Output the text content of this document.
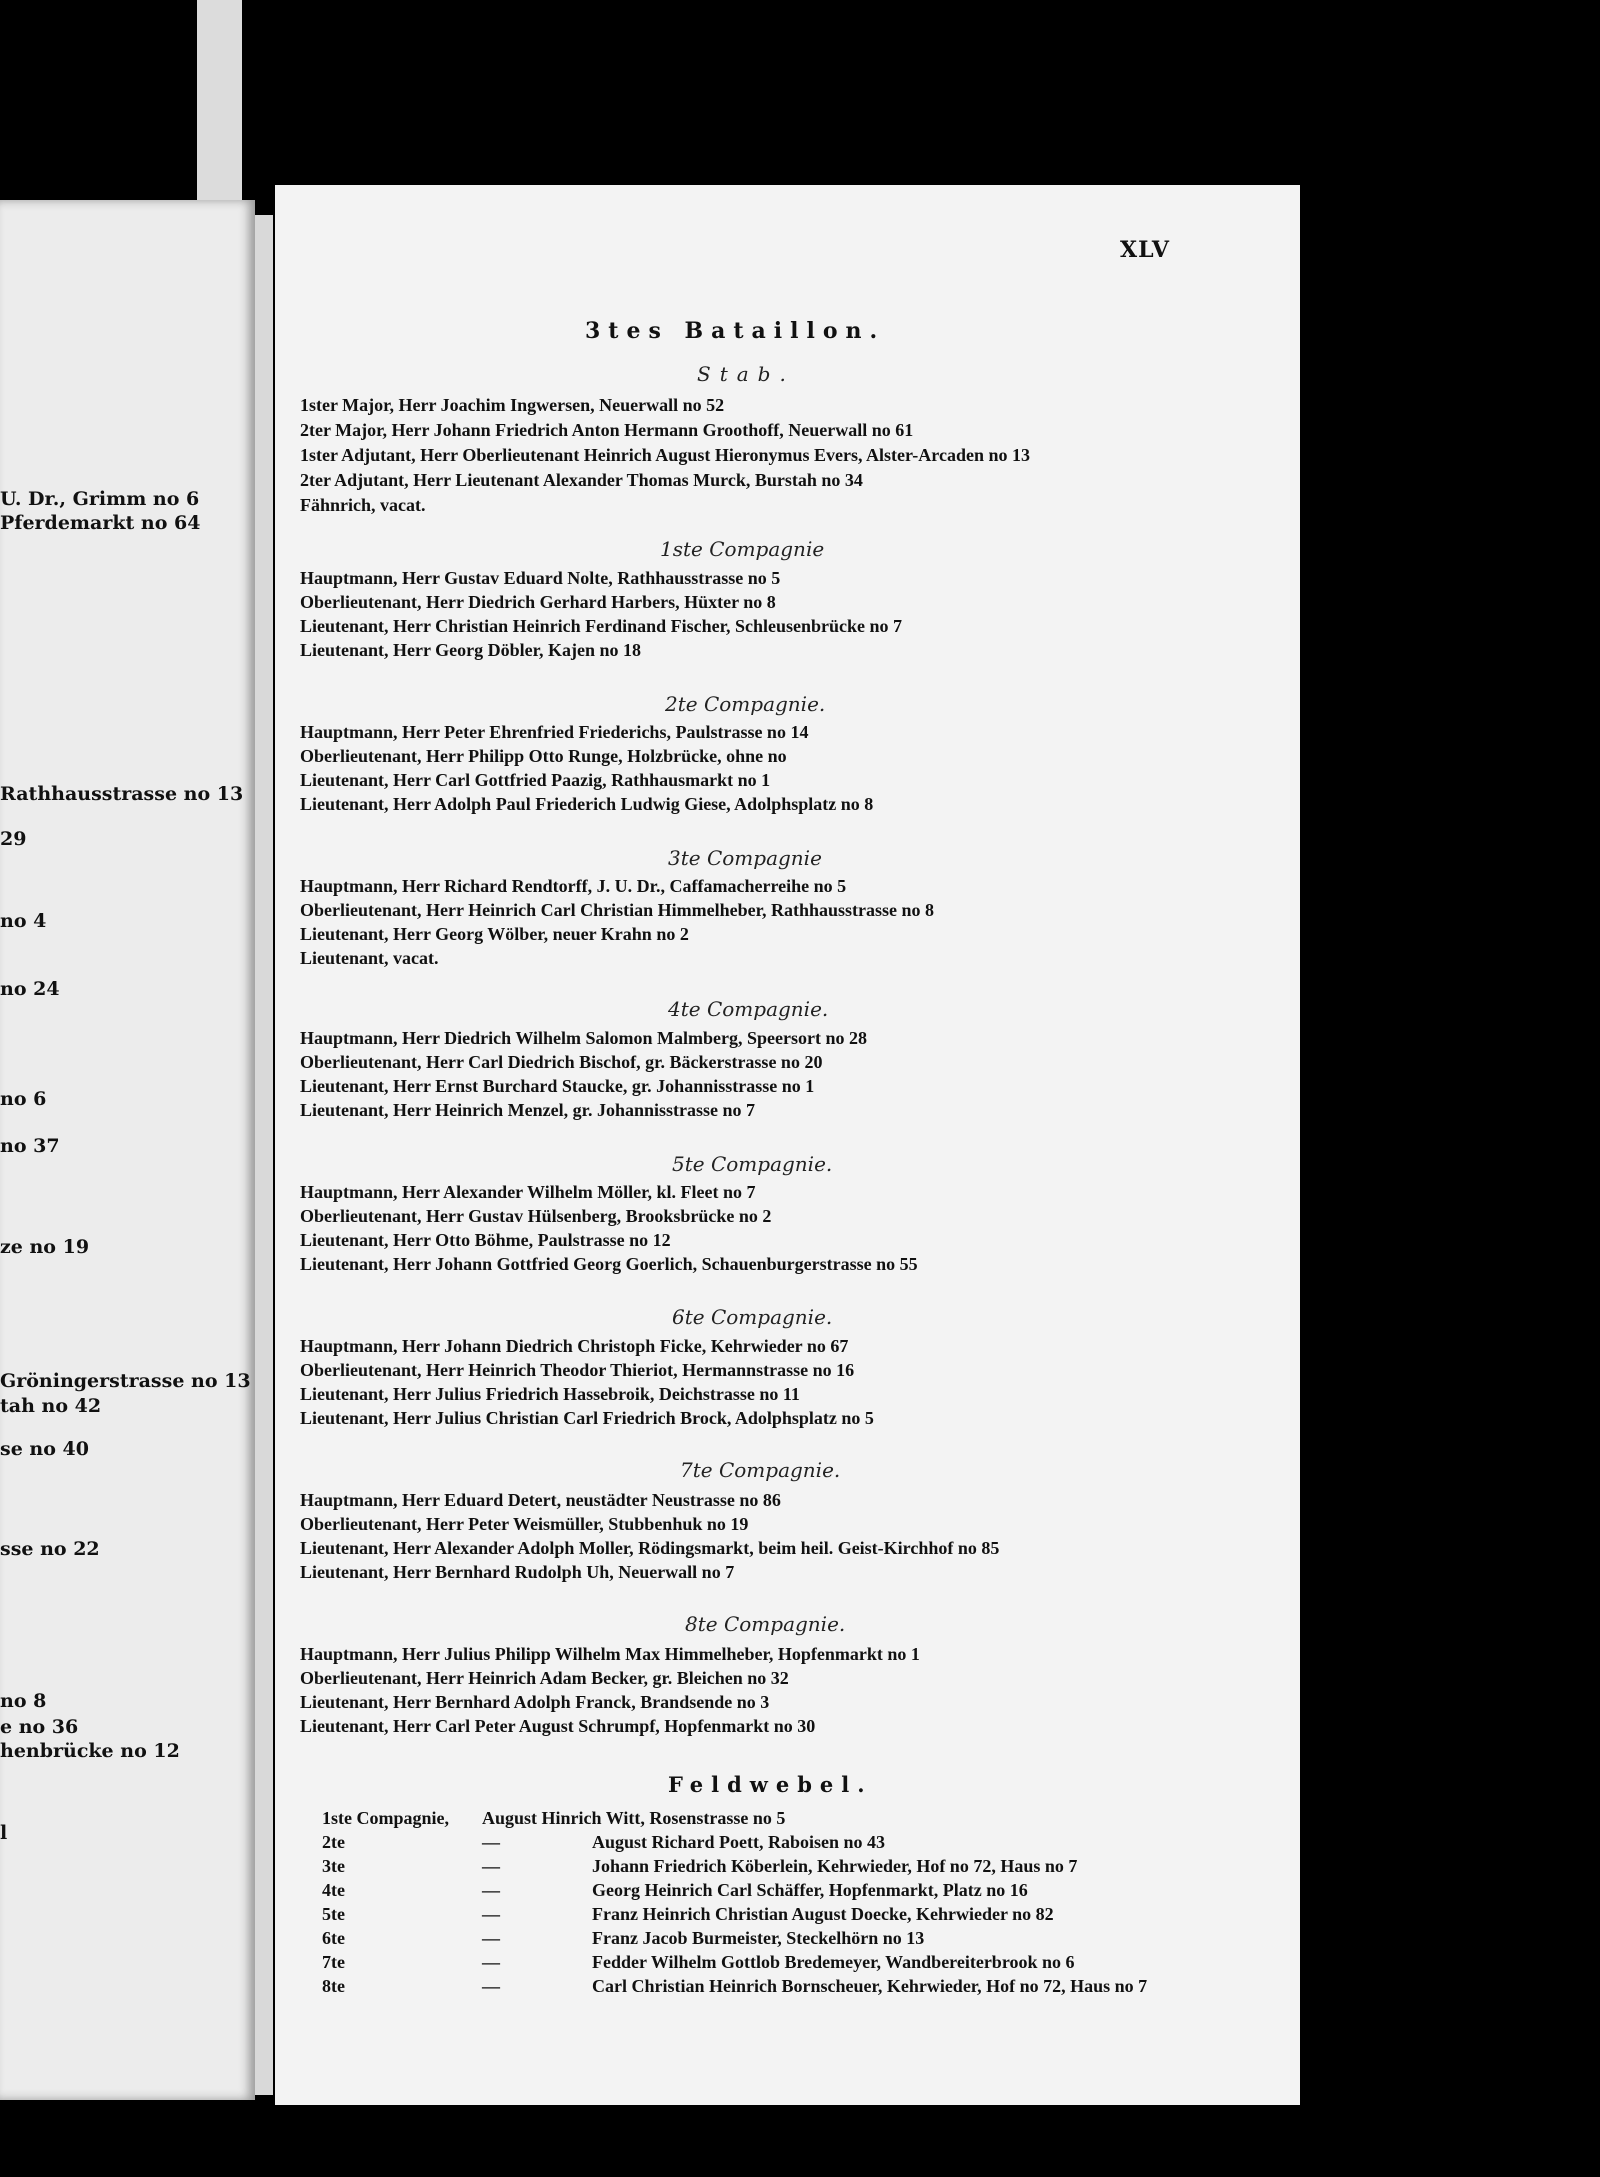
U. Dr., Grimm no 6
Pferdemarkt no 64
Rathhausstrasse no 13
29
no 4
no 24
no 6
no 37
ze no 19
Gröningerstrasse no 13
tah no 42
se no 40
sse no 22
no 8
e no 36
henbrücke no 12
l
XLV
3tes Bataillon.
Stab.
1ster Major, Herr Joachim Ingwersen, Neuerwall no 52
2ter Major, Herr Johann Friedrich Anton Hermann Groothoff, Neuerwall no 61
1ster Adjutant, Herr Oberlieutenant Heinrich August Hieronymus Evers, Alster-Arcaden no 13
2ter Adjutant, Herr Lieutenant Alexander Thomas Murck, Burstah no 34
Fähnrich, vacat.
1ste Compagnie
Hauptmann, Herr Gustav Eduard Nolte, Rathhausstrasse no 5
Oberlieutenant, Herr Diedrich Gerhard Harbers, Hüxter no 8
Lieutenant, Herr Christian Heinrich Ferdinand Fischer, Schleusenbrücke no 7
Lieutenant, Herr Georg Döbler, Kajen no 18
2te Compagnie.
Hauptmann, Herr Peter Ehrenfried Friederichs, Paulstrasse no 14
Oberlieutenant, Herr Philipp Otto Runge, Holzbrücke, ohne no
Lieutenant, Herr Carl Gottfried Paazig, Rathhausmarkt no 1
Lieutenant, Herr Adolph Paul Friederich Ludwig Giese, Adolphsplatz no 8
3te Compagnie
Hauptmann, Herr Richard Rendtorff, J. U. Dr., Caffamacherreihe no 5
Oberlieutenant, Herr Heinrich Carl Christian Himmelheber, Rathhausstrasse no 8
Lieutenant, Herr Georg Wölber, neuer Krahn no 2
Lieutenant, vacat.
4te Compagnie.
Hauptmann, Herr Diedrich Wilhelm Salomon Malmberg, Speersort no 28
Oberlieutenant, Herr Carl Diedrich Bischof, gr. Bäckerstrasse no 20
Lieutenant, Herr Ernst Burchard Staucke, gr. Johannisstrasse no 1
Lieutenant, Herr Heinrich Menzel, gr. Johannisstrasse no 7
5te Compagnie.
Hauptmann, Herr Alexander Wilhelm Möller, kl. Fleet no 7
Oberlieutenant, Herr Gustav Hülsenberg, Brooksbrücke no 2
Lieutenant, Herr Otto Böhme, Paulstrasse no 12
Lieutenant, Herr Johann Gottfried Georg Goerlich, Schauenburgerstrasse no 55
6te Compagnie.
Hauptmann, Herr Johann Diedrich Christoph Ficke, Kehrwieder no 67
Oberlieutenant, Herr Heinrich Theodor Thieriot, Hermannstrasse no 16
Lieutenant, Herr Julius Friedrich Hassebroik, Deichstrasse no 11
Lieutenant, Herr Julius Christian Carl Friedrich Brock, Adolphsplatz no 5
7te Compagnie.
Hauptmann, Herr Eduard Detert, neustädter Neustrasse no 86
Oberlieutenant, Herr Peter Weismüller, Stubbenhuk no 19
Lieutenant, Herr Alexander Adolph Moller, Rödingsmarkt, beim heil. Geist-Kirchhof no 85
Lieutenant, Herr Bernhard Rudolph Uh, Neuerwall no 7
8te Compagnie.
Hauptmann, Herr Julius Philipp Wilhelm Max Himmelheber, Hopfenmarkt no 1
Oberlieutenant, Herr Heinrich Adam Becker, gr. Bleichen no 32
Lieutenant, Herr Bernhard Adolph Franck, Brandsende no 3
Lieutenant, Herr Carl Peter August Schrumpf, Hopfenmarkt no 30
Feldwebel.
1ste Compagnie, August Hinrich Witt, Rosenstrasse no 5
2te	—	August Richard Poett, Raboisen no 43
3te	—	Johann Friedrich Köberlein, Kehrwieder, Hof no 72, Haus no 7
4te	—	Georg Heinrich Carl Schäffer, Hopfenmarkt, Platz no 16
5te	—	Franz Heinrich Christian August Doecke, Kehrwieder no 82
6te	—	Franz Jacob Burmeister, Steckelhörn no 13
7te	—	Fedder Wilhelm Gottlob Bredemeyer, Wandbereiterbrook no 6
8te	—	Carl Christian Heinrich Bornscheuer, Kehrwieder, Hof no 72, Haus no 7
